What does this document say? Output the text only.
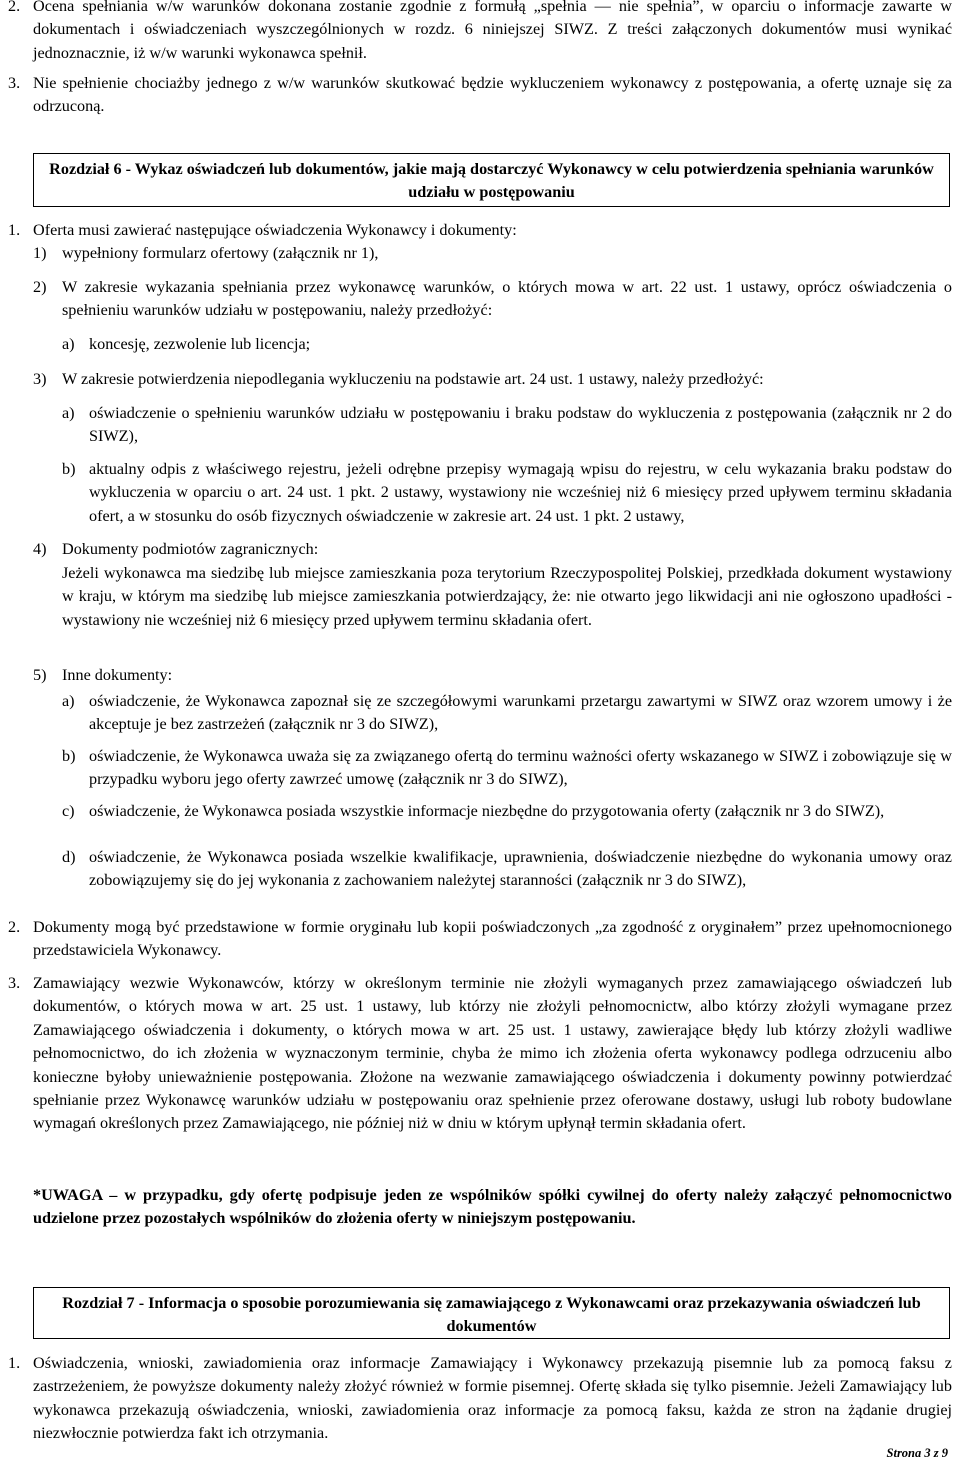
2. Ocena spełniania w/w warunków dokonana zostanie zgodnie z formułą „spełnia — nie spełnia”, w oparciu o informacje zawarte w dokumentach i oświadczeniach wyszczególnionych w rozdz. 6 niniejszej SIWZ. Z treści załączonych dokumentów musi wynikać jednoznacznie, iż w/w warunki wykonawca spełnił.
3. Nie spełnienie chociażby jednego z w/w warunków skutkować będzie wykluczeniem wykonawcy z postępowania, a ofertę uznaje się za odrzuconą.
Rozdział 6 - Wykaz oświadczeń lub dokumentów, jakie mają dostarczyć Wykonawcy w celu potwierdzenia spełniania warunków udziału w postępowaniu
1. Oferta musi zawierać następujące oświadczenia Wykonawcy i dokumenty:
1) wypełniony formularz ofertowy (załącznik nr 1),
2) W zakresie wykazania spełniania przez wykonawcę warunków, o których mowa w art. 22 ust. 1 ustawy, oprócz oświadczenia o spełnieniu warunków udziału w postępowaniu, należy przedłożyć:
a) koncesję, zezwolenie lub licencja;
3) W zakresie potwierdzenia niepodlegania wykluczeniu na podstawie art. 24 ust. 1 ustawy, należy przedłożyć:
a) oświadczenie o spełnieniu warunków udziału w postępowaniu i braku podstaw do wykluczenia z postępowania (załącznik nr 2 do SIWZ),
b) aktualny odpis z właściwego rejestru, jeżeli odrębne przepisy wymagają wpisu do rejestru, w celu wykazania braku podstaw do wykluczenia w oparciu o art. 24 ust. 1 pkt. 2 ustawy, wystawiony nie wcześniej niż 6 miesięcy przed upływem terminu składania ofert, a w stosunku do osób fizycznych oświadczenie w zakresie art. 24 ust. 1 pkt. 2 ustawy,
4) Dokumenty podmiotów zagranicznych:
Jeżeli wykonawca ma siedzibę lub miejsce zamieszkania poza terytorium Rzeczypospolitej Polskiej, przedkłada dokument wystawiony w kraju, w którym ma siedzibę lub miejsce zamieszkania potwierdzający, że: nie otwarto jego likwidacji ani nie ogłoszono upadłości - wystawiony nie wcześniej niż 6 miesięcy przed upływem terminu składania ofert.
5) Inne dokumenty:
a) oświadczenie, że Wykonawca zapoznał się ze szczegółowymi warunkami przetargu zawartymi w SIWZ oraz wzorem umowy i że akceptuje je bez zastrzeżeń (załącznik nr 3 do SIWZ),
b) oświadczenie, że Wykonawca uważa się za związanego ofertą do terminu ważności oferty wskazanego w SIWZ i zobowiązuje się w przypadku wyboru jego oferty zawrzeć umowę (załącznik nr 3 do SIWZ),
c) oświadczenie, że Wykonawca posiada wszystkie informacje niezbędne do przygotowania oferty (załącznik nr 3 do SIWZ),
d) oświadczenie, że Wykonawca posiada wszelkie kwalifikacje, uprawnienia, doświadczenie niezbędne do wykonania umowy oraz zobowiązujemy się do jej wykonania z zachowaniem należytej staranności (załącznik nr 3 do SIWZ),
2. Dokumenty mogą być przedstawione w formie oryginału lub kopii poświadczonych „za zgodność z oryginałem” przez upełnomocnionego przedstawiciela Wykonawcy.
3. Zamawiający wezwie Wykonawców, którzy w określonym terminie nie złożyli wymaganych przez zamawiającego oświadczeń lub dokumentów, o których mowa w art. 25 ust. 1 ustawy, lub którzy nie złożyli pełnomocnictw, albo którzy złożyli wymagane przez Zamawiającego oświadczenia i dokumenty, o których mowa w art. 25 ust. 1 ustawy, zawierające błędy lub którzy złożyli wadliwe pełnomocnictwo, do ich złożenia w wyznaczonym terminie, chyba że mimo ich złożenia oferta wykonawcy podlega odrzuceniu albo konieczne byłoby unieważnienie postępowania. Złożone na wezwanie zamawiającego oświadczenia i dokumenty powinny potwierdzać spełnianie przez Wykonawcę warunków udziału w postępowaniu oraz spełnienie przez oferowane dostawy, usługi lub roboty budowlane wymagań określonych przez Zamawiającego, nie później niż w dniu w którym upłynął termin składania ofert.
*UWAGA – w przypadku, gdy ofertę podpisuje jeden ze wspólników spółki cywilnej do oferty należy załączyć pełnomocnictwo udzielone przez pozostałych wspólników do złożenia oferty w niniejszym postępowaniu.
Rozdział 7 - Informacja o sposobie porozumiewania się zamawiającego z Wykonawcami oraz przekazywania oświadczeń lub dokumentów
1. Oświadczenia, wnioski, zawiadomienia oraz informacje Zamawiający i Wykonawcy przekazują pisemnie lub za pomocą faksu z zastrzeżeniem, że powyższe dokumenty należy złożyć również w formie pisemnej. Ofertę składa się tylko pisemnie. Jeżeli Zamawiający lub wykonawca przekazują oświadczenia, wnioski, zawiadomienia oraz informacje za pomocą faksu, każda ze stron na żądanie drugiej niezwłocznie potwierdza fakt ich otrzymania.
Strona 3 z 9
